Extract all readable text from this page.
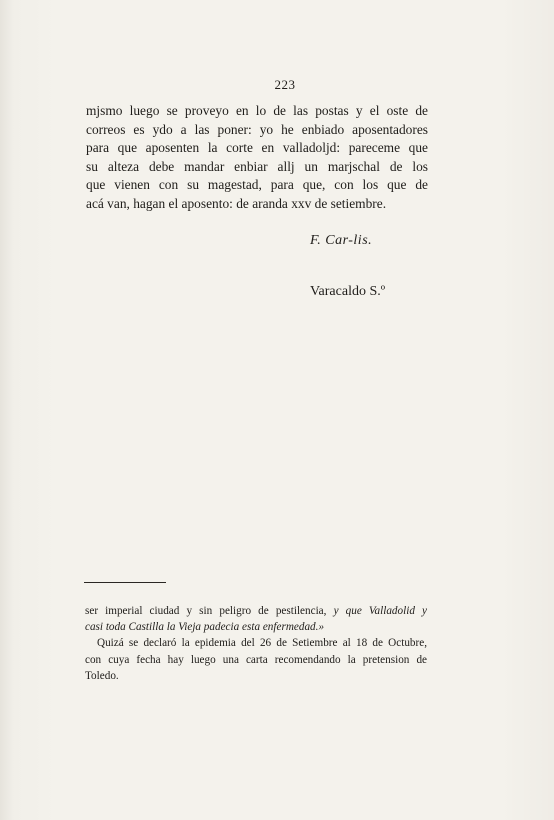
223
mjsmo luego se proveyo en lo de las postas y el oste de
correos es ydo a las poner: yo he enbiado aposentadores
para que aposenten la corte en valladoljd: pareceme que
su alteza debe mandar enbiar allj un marjschal de los
que vienen con su magestad, para que, con los que de
acá van, hagan el aposento: de aranda xxv de setiembre.
F. Car-lis.
Varacaldo S.º
ser imperial ciudad y sin peligro de pestilencia, y que Valladolid y
casi toda Castilla la Vieja padecia esta enfermedad.»
Quizá se declaró la epidemia del 26 de Setiembre al 18 de Octubre,
con cuya fecha hay luego una carta recomendando la pretension de
Toledo.
